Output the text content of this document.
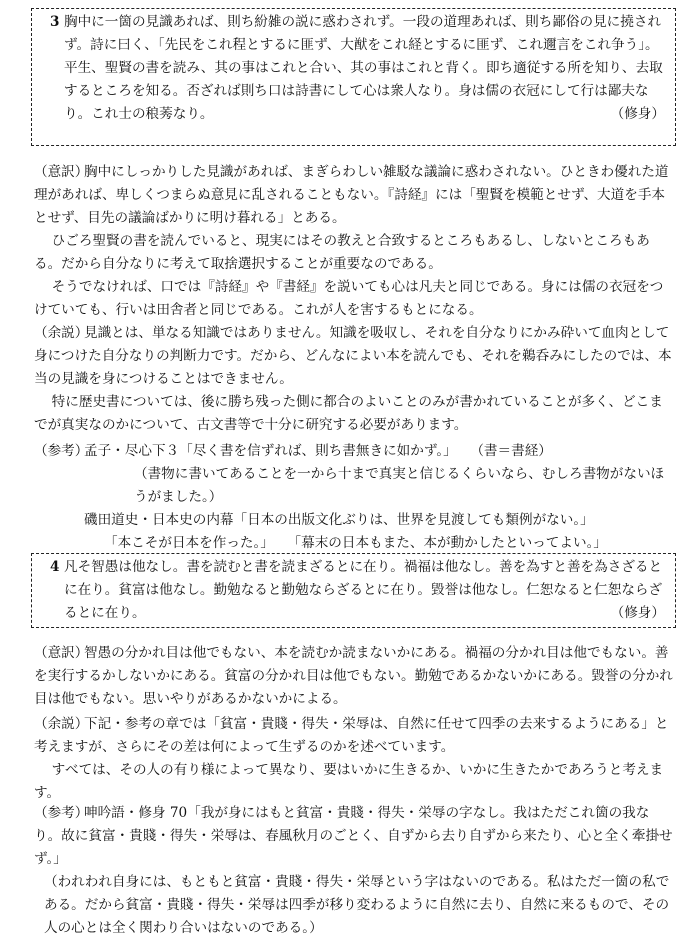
3 胸中に一箇の見識あれば、則ち紛雑の説に惑わされず。一段の道理あれば、則ち鄙俗の見に撓されず。詩に曰く、「先民をこれ程とするに匪ず、大猷をこれ経とするに匪ず、これ邇言をこれ争う」。平生、聖賢の書を読み、其の事はこれと合い、其の事はこれと背く。即ち適従する所を知り、去取するところを知る。否ざれば則ち口は詩書にして心は衆人なり。身は儒の衣冠にして行は鄙夫なり。これ士の稂莠なり。	（修身）

（意訳）胸中にしっかりした見識があれば、まぎらわしい雑駁な議論に惑わされない。ひときわ優れた道理があれば、卑しくつまらぬ意見に乱されることもない。『詩経』には「聖賢を模範とせず、大道を手本とせず、目先の議論ばかりに明け暮れる」とある。

ひごろ聖賢の書を読んでいると、現実にはその教えと合致するところもあるし、しないところもある。だから自分なりに考えて取捨選択することが重要なのである。

そうでなければ、口では『詩経』や『書経』を説いても心は凡夫と同じである。身には儒の衣冠をつけていても、行いは田舎者と同じである。これが人を害するもとになる。

（余説）見識とは、単なる知識ではありません。知識を吸収し、それを自分なりにかみ砕いて血肉として身につけた自分なりの判断力です。だから、どんなによい本を読んでも、それを鵜呑みにしたのでは、本当の見識を身につけることはできません。

特に歴史書については、後に勝ち残った側に都合のよいことのみが書かれていることが多く、どこまでが真実なのかについて、古文書等で十分に研究する必要があります。

（参考）孟子・尽心下３「尽く書を信ずれば、則ち書無きに如かず。」　　 （書＝書経）

（書物に書いてあることを一から十まで真実と信じるくらいなら、むしろ書物がないほうがました。）

磯田道史・日本史の内幕「日本の出版文化ぶりは、世界を見渡しても類例がない。」

「本こそが日本を作った。」　　 「幕末の日本もまた、本が動かしたといってよい。」

4 凡そ智愚は他なし。書を読むと書を読まざるとに在り。禍福は他なし。善を為すと善を為さざるとに在り。貧富は他なし。勤勉なると勤勉ならざるとに在り。毀誉は他なし。仁恕なると仁恕ならざるとに在り。	（修身）

（意訳）智愚の分かれ目は他でもない、本を読むか読まないかにある。禍福の分かれ目は他でもない。善を実行するかしないかにある。貧富の分かれ目は他でもない。勤勉であるかないかにある。毀誉の分かれ目は他でもない。思いやりがあるかないかによる。

（余説）下記・参考の章では「貧富・貴賤・得失・栄辱は、自然に任せて四季の去来するようにある」と考えますが、さらにその差は何によって生ずるのかを述べています。

すべては、その人の有り様によって異なり、要はいかに生きるか、いかに生きたかであろうと考えます。

（参考）呻吟語・修身 70「我が身にはもと貧富・貴賤・得失・栄辱の字なし。我はただこれ箇の我なり。故に貧富・貴賤・得失・栄辱は、春風秋月のごとく、自ずから去り自ずから来たり、心と全く牽掛せず。」

（われわれ自身には、もともと貧富・貴賤・得失・栄辱という字はないのである。私はただ一箇の私である。だから貧富・貴賤・得失・栄辱は四季が移り変わるように自然に去り、自然に来るもので、その人の心とは全く関わり合いはないのである。）
